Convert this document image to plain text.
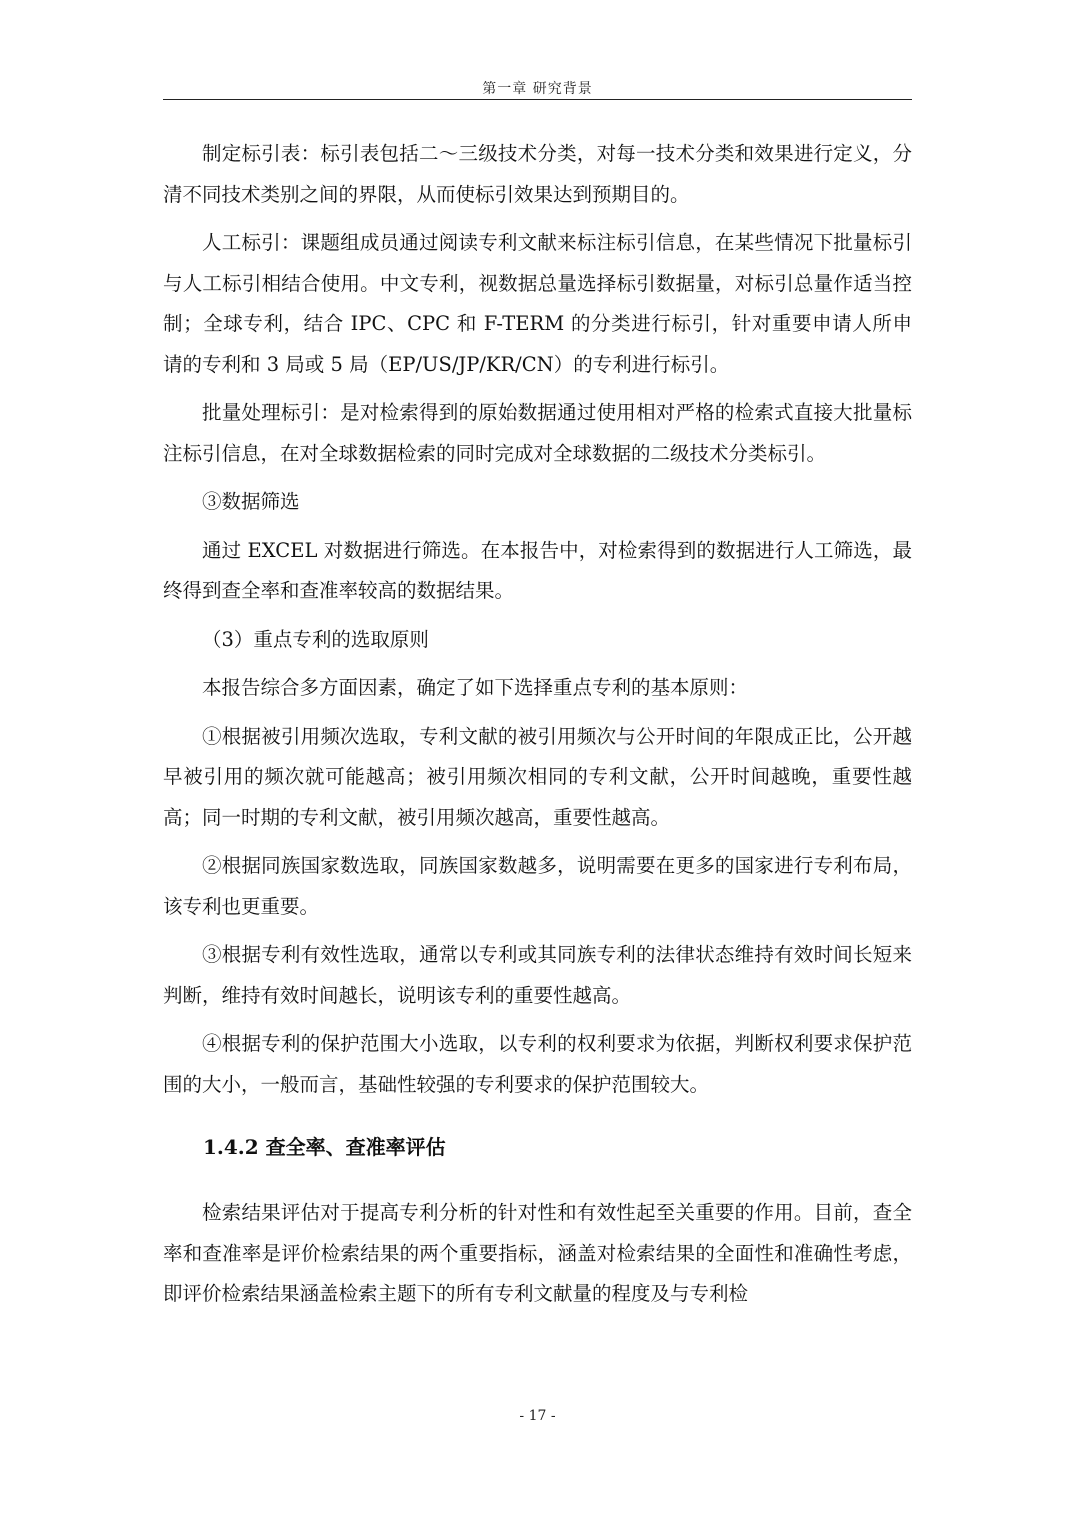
第一章 研究背景

制定标引表：标引表包括二～三级技术分类，对每一技术分类和效果进行定义，分清不同技术类别之间的界限，从而使标引效果达到预期目的。

人工标引：课题组成员通过阅读专利文献来标注标引信息，在某些情况下批量标引与人工标引相结合使用。中文专利，视数据总量选择标引数据量，对标引总量作适当控制；全球专利，结合 IPC、CPC 和 F-TERM 的分类进行标引，针对重要申请人所申请的专利和 3 局或 5 局（EP/US/JP/KR/CN）的专利进行标引。

批量处理标引：是对检索得到的原始数据通过使用相对严格的检索式直接大批量标注标引信息，在对全球数据检索的同时完成对全球数据的二级技术分类标引。

③数据筛选

通过 EXCEL 对数据进行筛选。在本报告中，对检索得到的数据进行人工筛选，最终得到查全率和查准率较高的数据结果。

（3）重点专利的选取原则

本报告综合多方面因素，确定了如下选择重点专利的基本原则：

①根据被引用频次选取，专利文献的被引用频次与公开时间的年限成正比，公开越早被引用的频次就可能越高；被引用频次相同的专利文献，公开时间越晚，重要性越高；同一时期的专利文献，被引用频次越高，重要性越高。

②根据同族国家数选取，同族国家数越多，说明需要在更多的国家进行专利布局，该专利也更重要。

③根据专利有效性选取，通常以专利或其同族专利的法律状态维持有效时间长短来判断，维持有效时间越长，说明该专利的重要性越高。

④根据专利的保护范围大小选取，以专利的权利要求为依据，判断权利要求保护范围的大小，一般而言，基础性较强的专利要求的保护范围较大。

1.4.2 查全率、查准率评估

检索结果评估对于提高专利分析的针对性和有效性起至关重要的作用。目前，查全率和查准率是评价检索结果的两个重要指标，涵盖对检索结果的全面性和准确性考虑，即评价检索结果涵盖检索主题下的所有专利文献量的程度及与专利检

- 17 -
